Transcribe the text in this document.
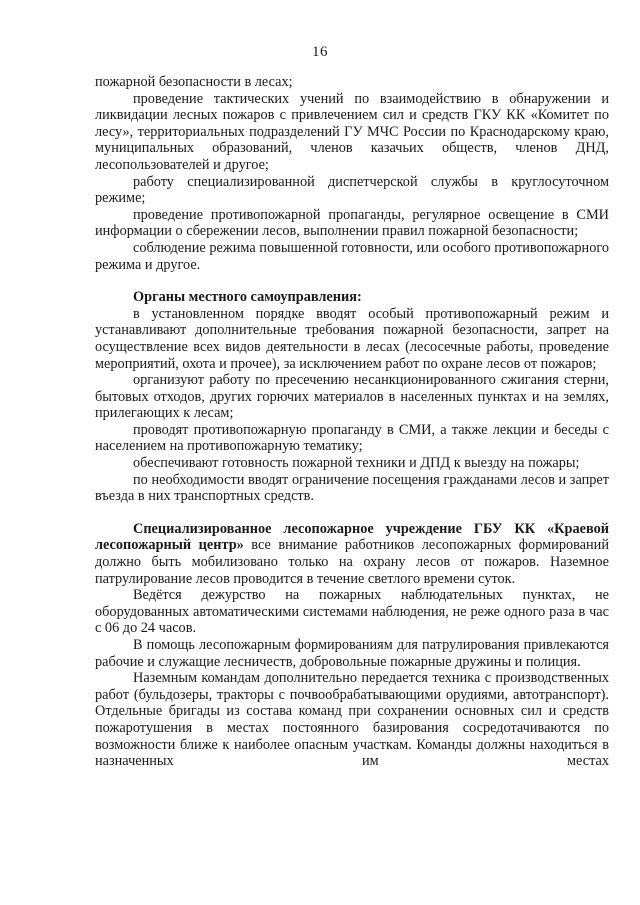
16

пожарной безопасности в лесах;

проведение тактических учений по взаимодействию в обнаружении и ликвидации лесных пожаров с привлечением сил и средств ГКУ КК «Комитет по лесу», территориальных подразделений ГУ МЧС России по Краснодарскому краю, муниципальных образований, членов казачьих обществ, членов ДНД, лесопользователей и другое;

работу специализированной диспетчерской службы в круглосуточном режиме;

проведение противопожарной пропаганды, регулярное освещение в СМИ информации о сбережении лесов, выполнении правил пожарной безопасности;

соблюдение режима повышенной готовности, или особого противопожарного режима и другое.

Органы местного самоуправления:

в установленном порядке вводят особый противопожарный режим и устанавливают дополнительные требования пожарной безопасности, запрет на осуществление всех видов деятельности в лесах (лесосечные работы, проведение мероприятий, охота и прочее), за исключением работ по охране лесов от пожаров;

организуют работу по пресечению несанкционированного сжигания стерни, бытовых отходов, других горючих материалов в населенных пунктах и на землях, прилегающих к лесам;

проводят противопожарную пропаганду в СМИ, а также лекции и беседы с населением на противопожарную тематику;

обеспечивают готовность пожарной техники и ДПД к выезду на пожары;

по необходимости вводят ограничение посещения гражданами лесов и запрет въезда в них транспортных средств.

Специализированное лесопожарное учреждение ГБУ КК «Краевой лесопожарный центр» все внимание работников лесопожарных формирований должно быть мобилизовано только на охрану лесов от пожаров. Наземное патрулирование лесов проводится в течение светлого времени суток.

Ведётся дежурство на пожарных наблюдательных пунктах, не оборудованных автоматическими системами наблюдения, не реже одного раза в час с 06 до 24 часов.

В помощь лесопожарным формированиям для патрулирования привлекаются рабочие и служащие лесничеств, добровольные пожарные дружины и полиция.

Наземным командам дополнительно передается техника с производственных работ (бульдозеры, тракторы с почвообрабатывающими орудиями, автотранспорт). Отдельные бригады из состава команд при сохранении основных сил и средств пожаротушения в местах постоянного базирования сосредотачиваются по возможности ближе к наиболее опасным участкам. Команды должны находиться в назначенных им местах
